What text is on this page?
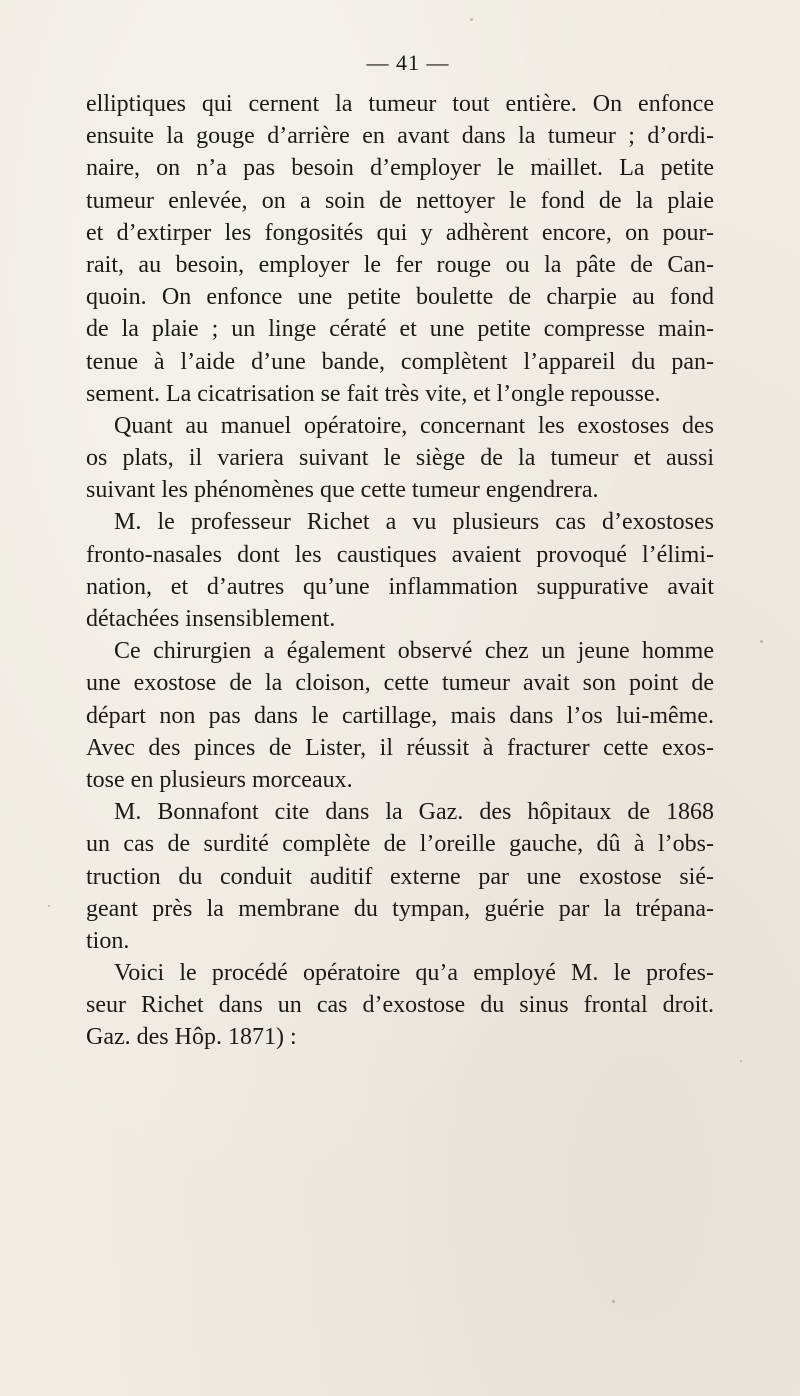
— 41 —
elliptiques qui cernent la tumeur tout entière. On enfonce
ensuite la gouge d’arrière en avant dans la tumeur ; d’ordi-
naire, on n’a pas besoin d’employer le maillet. La petite
tumeur enlevée, on a soin de nettoyer le fond de la plaie
et d’extirper les fongosités qui y adhèrent encore, on pour-
rait, au besoin, employer le fer rouge ou la pâte de Can-
quoin. On enfonce une petite boulette de charpie au fond
de la plaie ; un linge cératé et une petite compresse main-
tenue à l’aide d’une bande, complètent l’appareil du pan-
sement. La cicatrisation se fait très vite, et l’ongle repousse.
Quant au manuel opératoire, concernant les exostoses des
os plats, il variera suivant le siège de la tumeur et aussi
suivant les phénomènes que cette tumeur engendrera.
M. le professeur Richet a vu plusieurs cas d’exostoses
fronto-nasales dont les caustiques avaient provoqué l’élimi-
nation, et d’autres qu’une inflammation suppurative avait
détachées insensiblement.
Ce chirurgien a également observé chez un jeune homme
une exostose de la cloison, cette tumeur avait son point de
départ non pas dans le cartillage, mais dans l’os lui-même.
Avec des pinces de Lister, il réussit à fracturer cette exos-
tose en plusieurs morceaux.
M. Bonnafont cite dans la Gaz. des hôpitaux de 1868
un cas de surdité complète de l’oreille gauche, dû à l’obs-
truction du conduit auditif externe par une exostose sié-
geant près la membrane du tympan, guérie par la trépana-
tion.
Voici le procédé opératoire qu’a employé M. le profes-
seur Richet dans un cas d’exostose du sinus frontal droit.
Gaz. des Hôp. 1871) :
